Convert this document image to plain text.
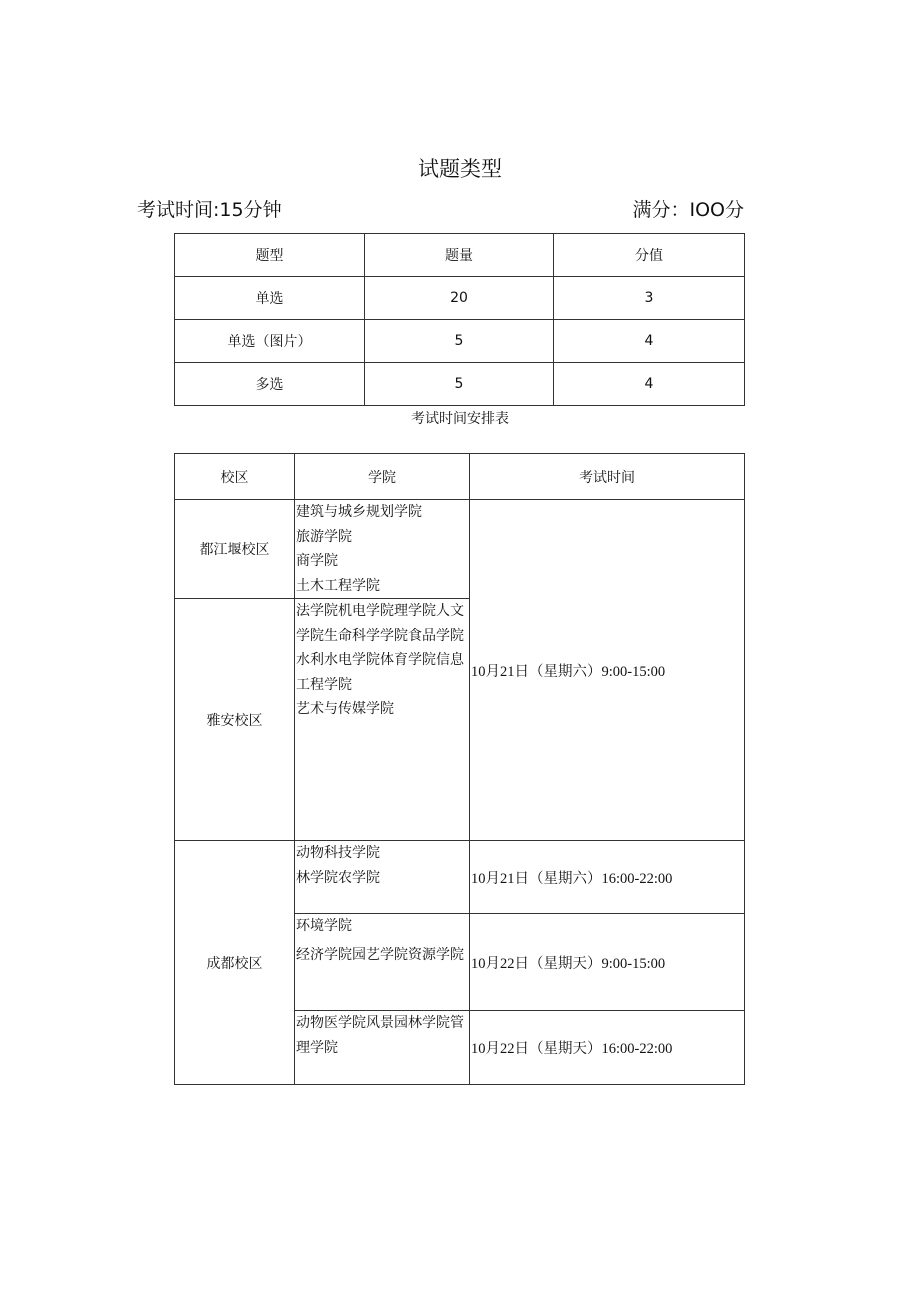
试题类型
考试时间:15分钟	满分：IOO分
题型	题量	分值
单选	20	3
单选（图片）	5	4
多选	5	4
考试时间安排表
校区	学院	考试时间
都江堰校区	建筑与城乡规划学院
旅游学院
商学院
土木工程学院	10月21日（星期六）9:00-15:00
雅安校区	法学院机电学院理学院人文学院生命科学学院食品学院水利水电学院体育学院信息工程学院
艺术与传媒学院	

成都校区	动物科技学院
林学院农学院	10月21日（星期六）16:00-22:00

	环境学院
经济学院园艺学院资源学院	10月22日（星期天）9:00-15:00

	动物医学院风景园林学院管理学院	10月22日（星期天）16:00-22:00
